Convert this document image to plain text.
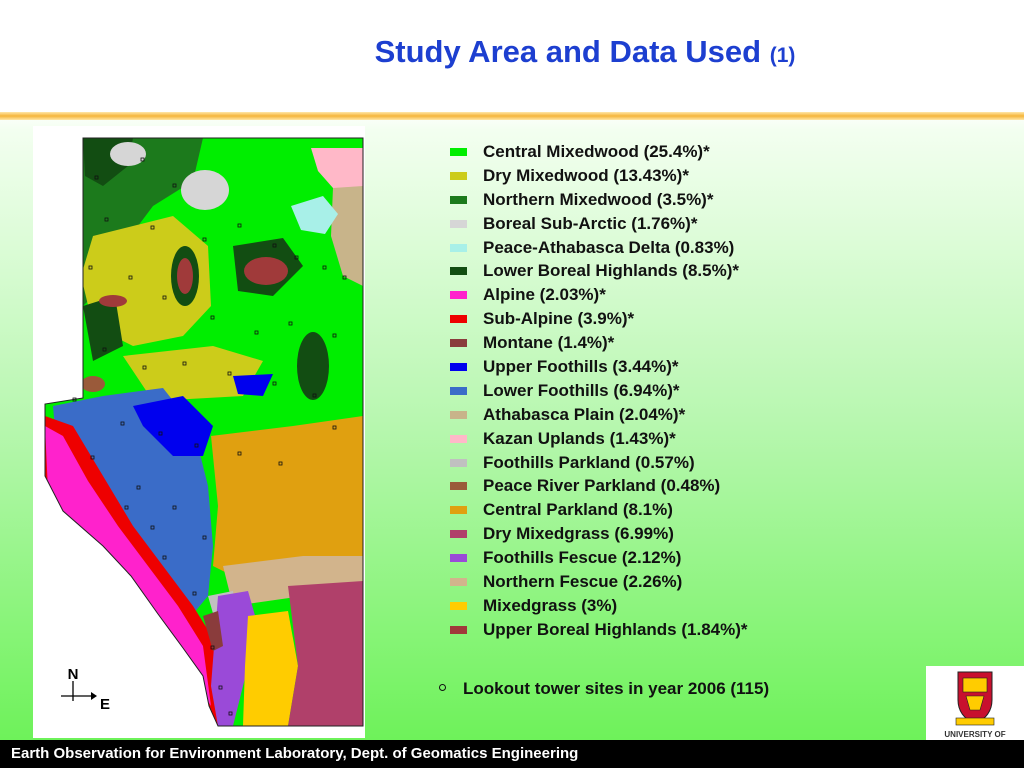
Study Area and Data Used (1)
N
E
Central Mixedwood (25.4%)*
Dry Mixedwood (13.43%)*
Northern Mixedwood (3.5%)*
Boreal Sub-Arctic (1.76%)*
Peace-Athabasca Delta (0.83%)
Lower Boreal Highlands (8.5%)*
Alpine (2.03%)*
Sub-Alpine (3.9%)*
Montane (1.4%)*
Upper Foothills (3.44%)*
Lower Foothills (6.94%)*
Athabasca Plain (2.04%)*
Kazan Uplands (1.43%)*
Foothills Parkland (0.57%)
Peace River Parkland (0.48%)
Central Parkland (8.1%)
Dry Mixedgrass (6.99%)
Foothills Fescue (2.12%)
Northern Fescue (2.26%)
Mixedgrass (3%)
Upper Boreal Highlands (1.84%)*
Lookout tower sites in year 2006 (115)
UNIVERSITY OF
Earth Observation for Environment Laboratory, Dept. of Geomatics Engineering
